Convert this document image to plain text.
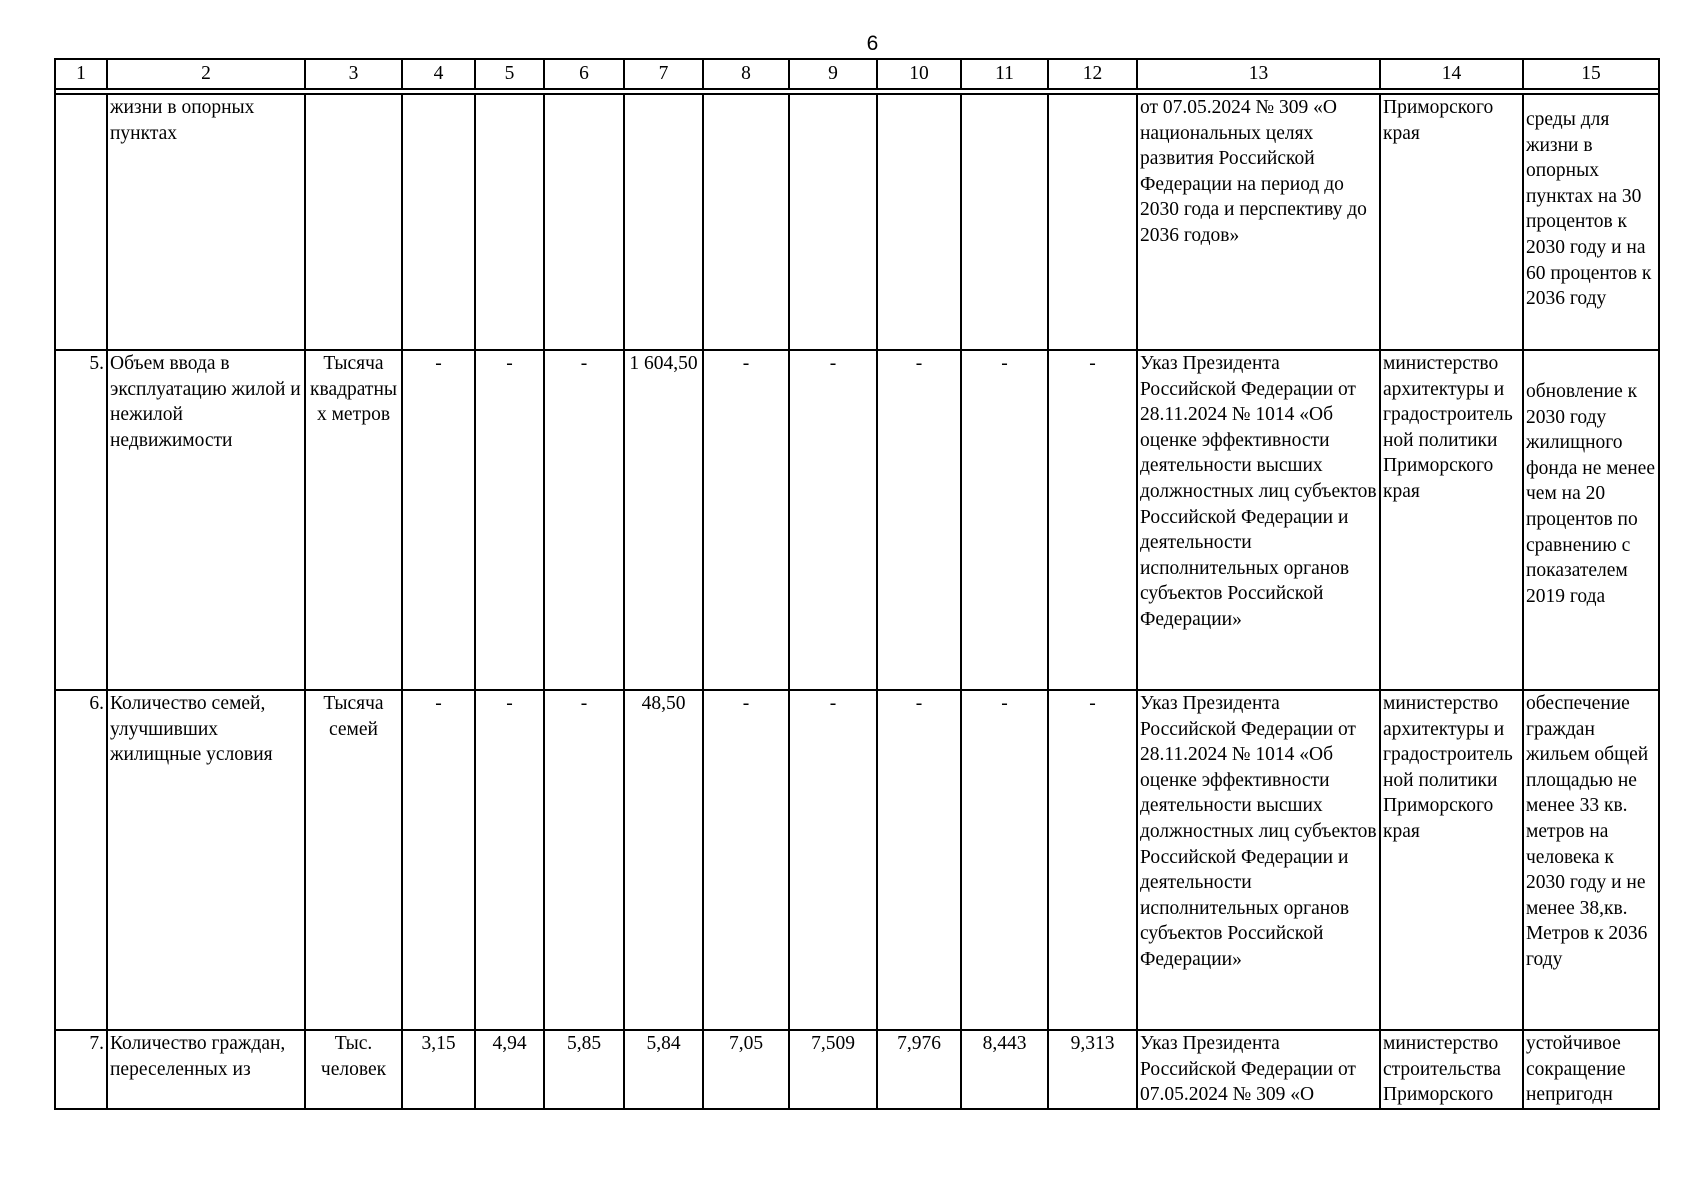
6
1	2	3	4	5	6	7	8	9	10	11	12	13	14	15

	жизни в опорных пунктах											от 07.05.2024 № 309 «О национальных целях развития Российской Федерации на период до 2030 года и перспективу до 2036 годов»	Приморского края	среды для жизни в опорных пунктах на 30 процентов к 2030 году и на 60 процентов к 2036 году
5.	Объем ввода в эксплуатацию жилой и нежилой недвижимости	Тысяча квадратных метров	-	-	-	1 604,50	-	-	-	-	-	Указ Президента Российской Федерации от 28.11.2024 № 1014 «Об оценке эффективности деятельности высших должностных лиц субъектов Российской Федерации и деятельности исполнительных органов субъектов Российской Федерации»	министерство архитектуры и градостроительной политики Приморского края	обновление к 2030 году жилищного фонда не менее чем на 20 процентов по сравнению с показателем 2019 года
6.	Количество семей, улучшивших жилищные условия	Тысяча семей	-	-	-	48,50	-	-	-	-	-	Указ Президента Российской Федерации от 28.11.2024 № 1014 «Об оценке эффективности деятельности высших должностных лиц субъектов Российской Федерации и деятельности исполнительных органов субъектов Российской Федерации»	министерство архитектуры и градостроительной политики Приморского края	обеспечение граждан жильем общей площадью не менее 33 кв. метров на человека к 2030 году и не менее 38,кв. Метров к 2036 году
7.	Количество граждан, переселенных из	Тыс. человек	3,15	4,94	5,85	5,84	7,05	7,509	7,976	8,443	9,313	Указ Президента Российской Федерации от 07.05.2024 № 309 «О	министерство строительства Приморского	устойчивое сокращение непригодн
